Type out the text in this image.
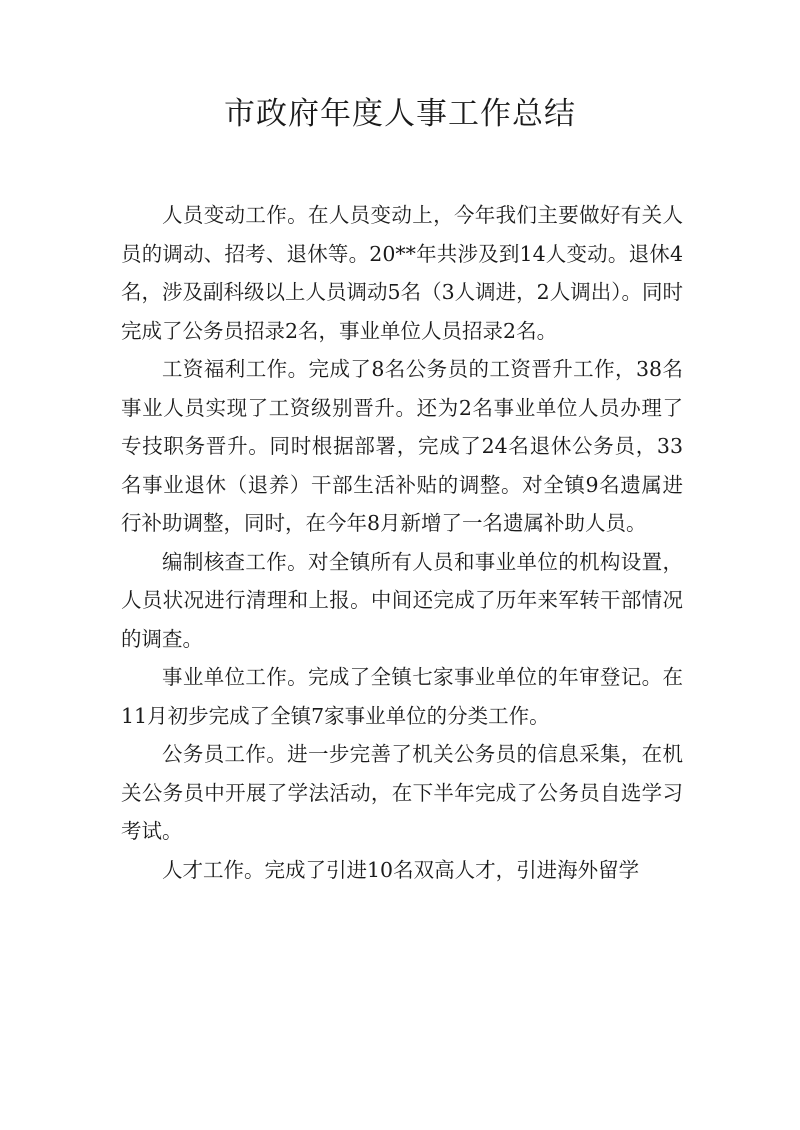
市政府年度人事工作总结

人员变动工作。在人员变动上，今年我们主要做好有关人员的调动、招考、退休等。20**年共涉及到14人变动。退休4名，涉及副科级以上人员调动5名（3人调进，2人调出）。同时完成了公务员招录2名，事业单位人员招录2名。

工资福利工作。完成了8名公务员的工资晋升工作，38名事业人员实现了工资级别晋升。还为2名事业单位人员办理了专技职务晋升。同时根据部署，完成了24名退休公务员，33名事业退休（退养）干部生活补贴的调整。对全镇9名遗属进行补助调整，同时，在今年8月新增了一名遗属补助人员。

编制核查工作。对全镇所有人员和事业单位的机构设置，人员状况进行清理和上报。中间还完成了历年来军转干部情况的调查。

事业单位工作。完成了全镇七家事业单位的年审登记。在11月初步完成了全镇7家事业单位的分类工作。

公务员工作。进一步完善了机关公务员的信息采集，在机关公务员中开展了学法活动，在下半年完成了公务员自选学习考试。

人才工作。完成了引进10名双高人才，引进海外留学
